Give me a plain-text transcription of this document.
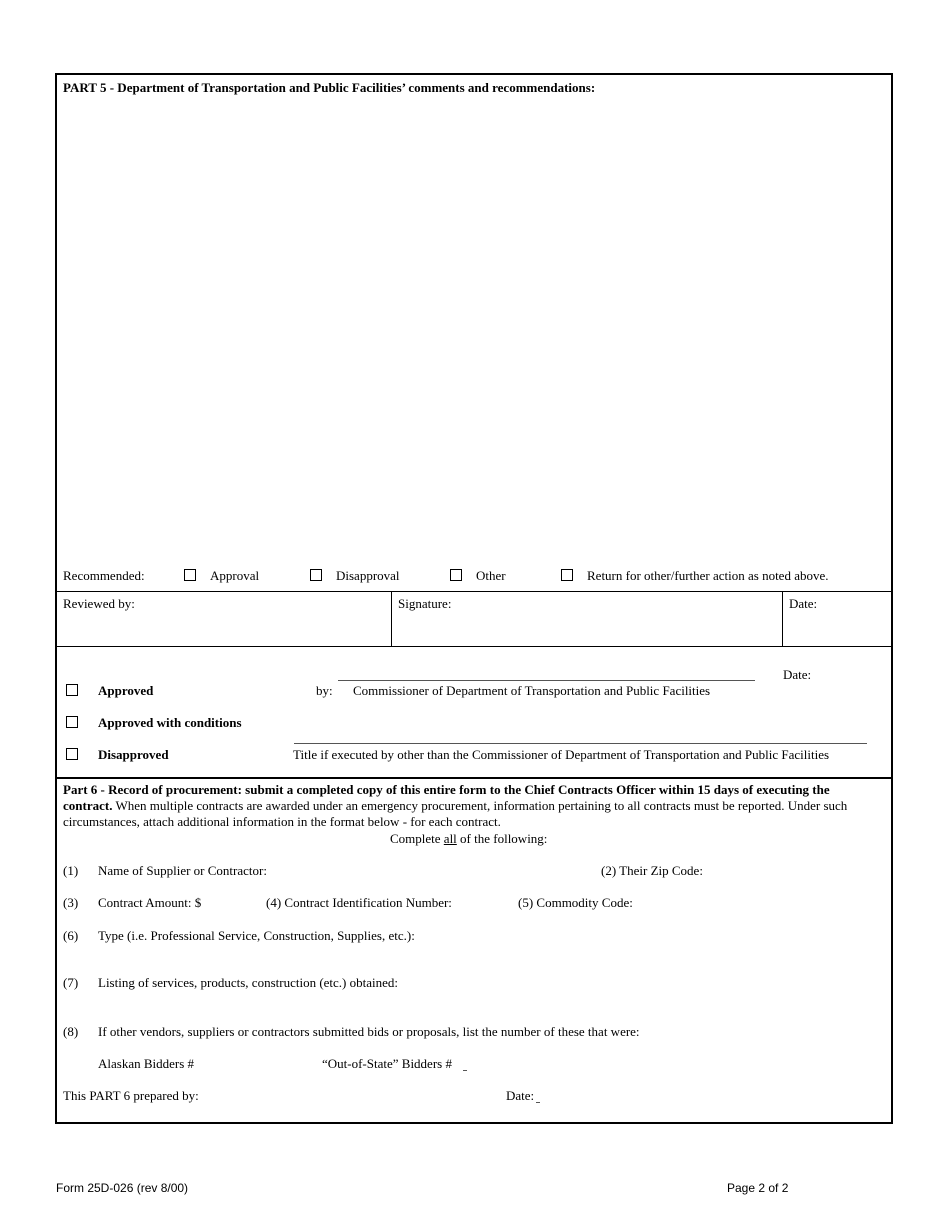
PART 5 - Department of Transportation and Public Facilities’ comments and recommendations:
Recommended:	Approval	Disapproval	Other	Return for other/further action as noted above.
Reviewed by:	Signature:	Date:
Date:
Approved	by: Commissioner of Department of Transportation and Public Facilities
Approved with conditions
Disapproved	Title if executed by other than the Commissioner of Department of Transportation and Public Facilities
Part 6 - Record of procurement: submit a completed copy of this entire form to the Chief Contracts Officer within 15 days of executing the contract. When multiple contracts are awarded under an emergency procurement, information pertaining to all contracts must be reported. Under such circumstances, attach additional information in the format below - for each contract.
Complete all of the following:
(1) Name of Supplier or Contractor:	(2) Their Zip Code:
(3) Contract Amount: $	(4) Contract Identification Number:	(5) Commodity Code:
(6) Type (i.e. Professional Service, Construction, Supplies, etc.):
(7) Listing of services, products, construction (etc.) obtained:
(8) If other vendors, suppliers or contractors submitted bids or proposals, list the number of these that were:
Alaskan Bidders #	“Out-of-State” Bidders #
This PART 6 prepared by:	Date:
Form 25D-026 (rev 8/00)	Page 2 of 2
